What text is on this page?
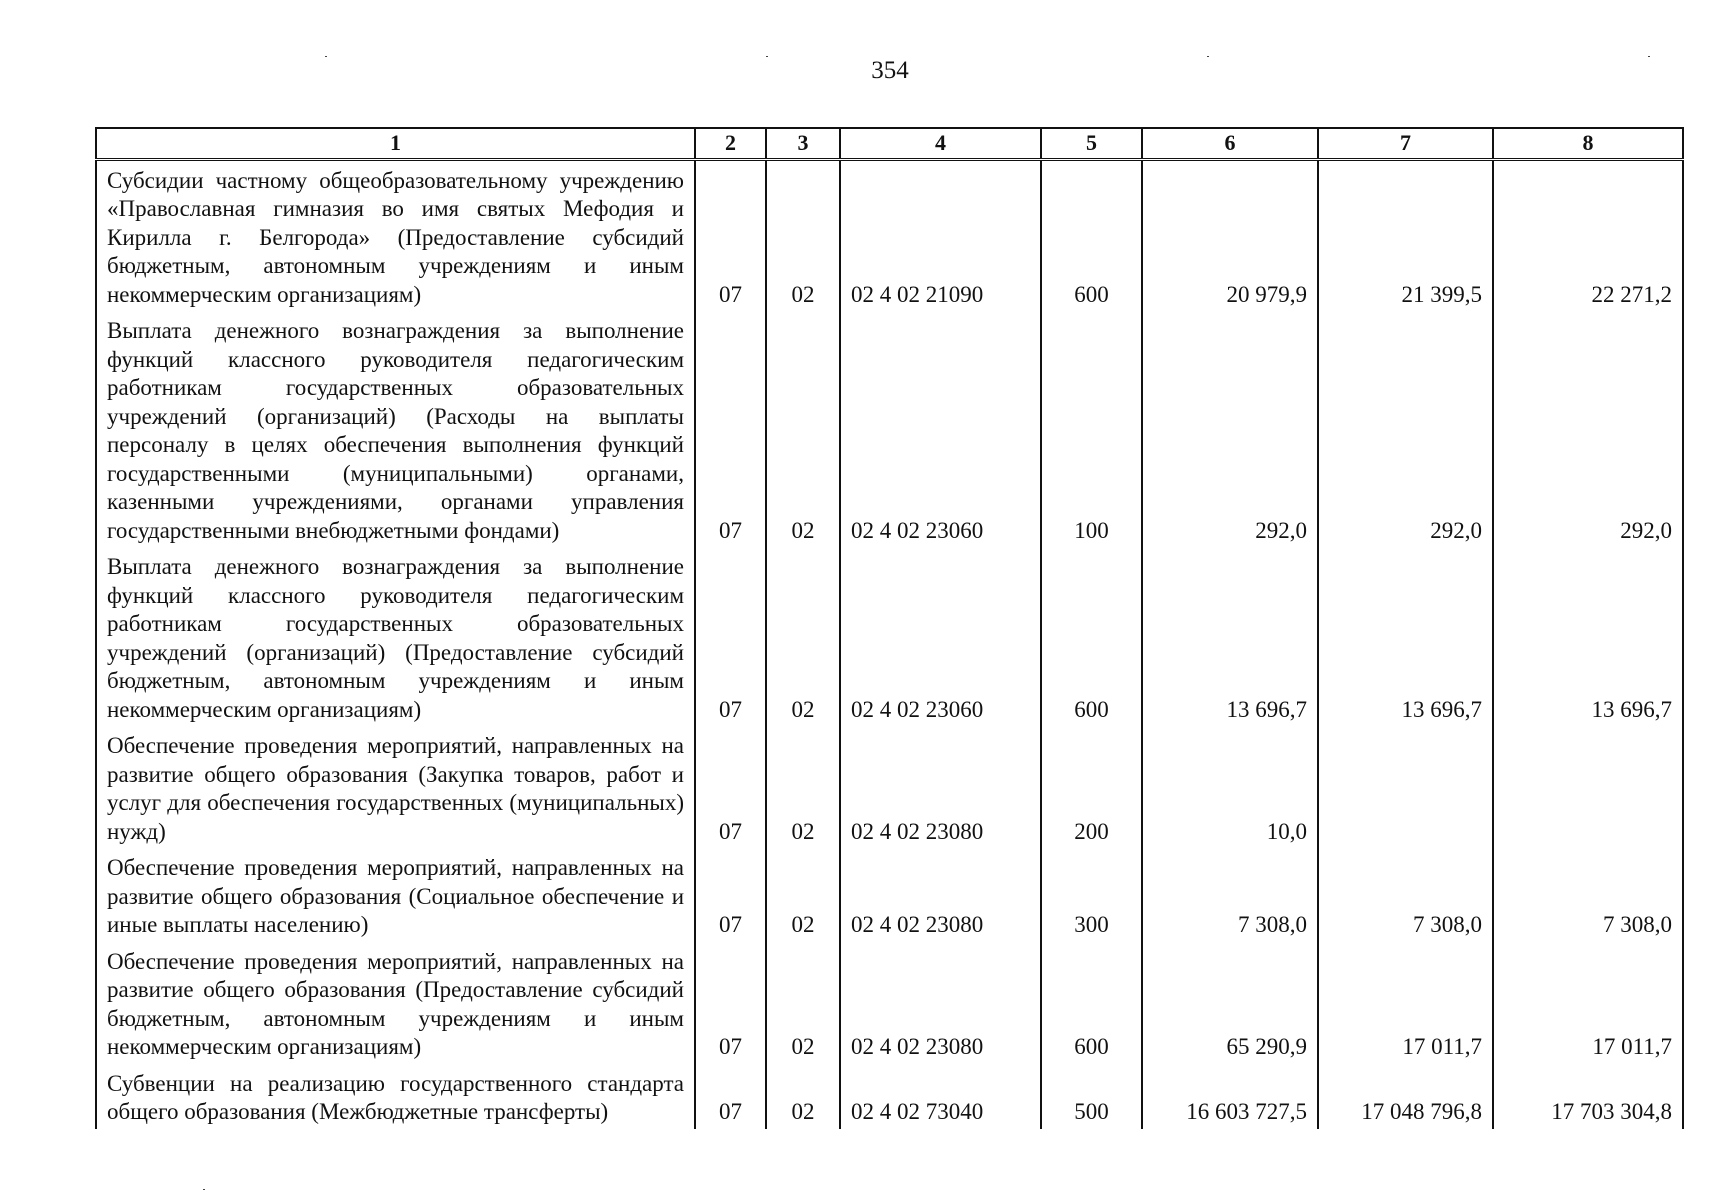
354
1	2	3	4	5	6	7	8
Субсидии частному общеобразовательному учреждению «Православная гимназия во имя святых Мефодия и Кирилла г. Белгорода» (Предоставление субсидий бюджетным, автономным учреждениям и иным некоммерческим организациям)	07	02	02 4 02 21090	600	20 979,9	21 399,5	22 271,2
Выплата денежного вознаграждения за выполнение функций классного руководителя педагогическим работникам государственных образовательных учреждений (организаций) (Расходы на выплаты персоналу в целях обеспечения выполнения функций государственными (муниципальными) органами, казенными учреждениями, органами управления государственными внебюджетными фондами)	07	02	02 4 02 23060	100	292,0	292,0	292,0
Выплата денежного вознаграждения за выполнение функций классного руководителя педагогическим работникам государственных образовательных учреждений (организаций) (Предоставление субсидий бюджетным, автономным учреждениям и иным некоммерческим организациям)	07	02	02 4 02 23060	600	13 696,7	13 696,7	13 696,7
Обеспечение проведения мероприятий, направленных на развитие общего образования (Закупка товаров, работ и услуг для обеспечения государственных (муниципальных) нужд)	07	02	02 4 02 23080	200	10,0		
Обеспечение проведения мероприятий, направленных на развитие общего образования (Социальное обеспечение и иные выплаты населению)	07	02	02 4 02 23080	300	7 308,0	7 308,0	7 308,0
Обеспечение проведения мероприятий, направленных на развитие общего образования (Предоставление субсидий бюджетным, автономным учреждениям и иным некоммерческим организациям)	07	02	02 4 02 23080	600	65 290,9	17 011,7	17 011,7
Субвенции на реализацию государственного стандарта общего образования (Межбюджетные трансферты)	07	02	02 4 02 73040	500	16 603 727,5	17 048 796,8	17 703 304,8
